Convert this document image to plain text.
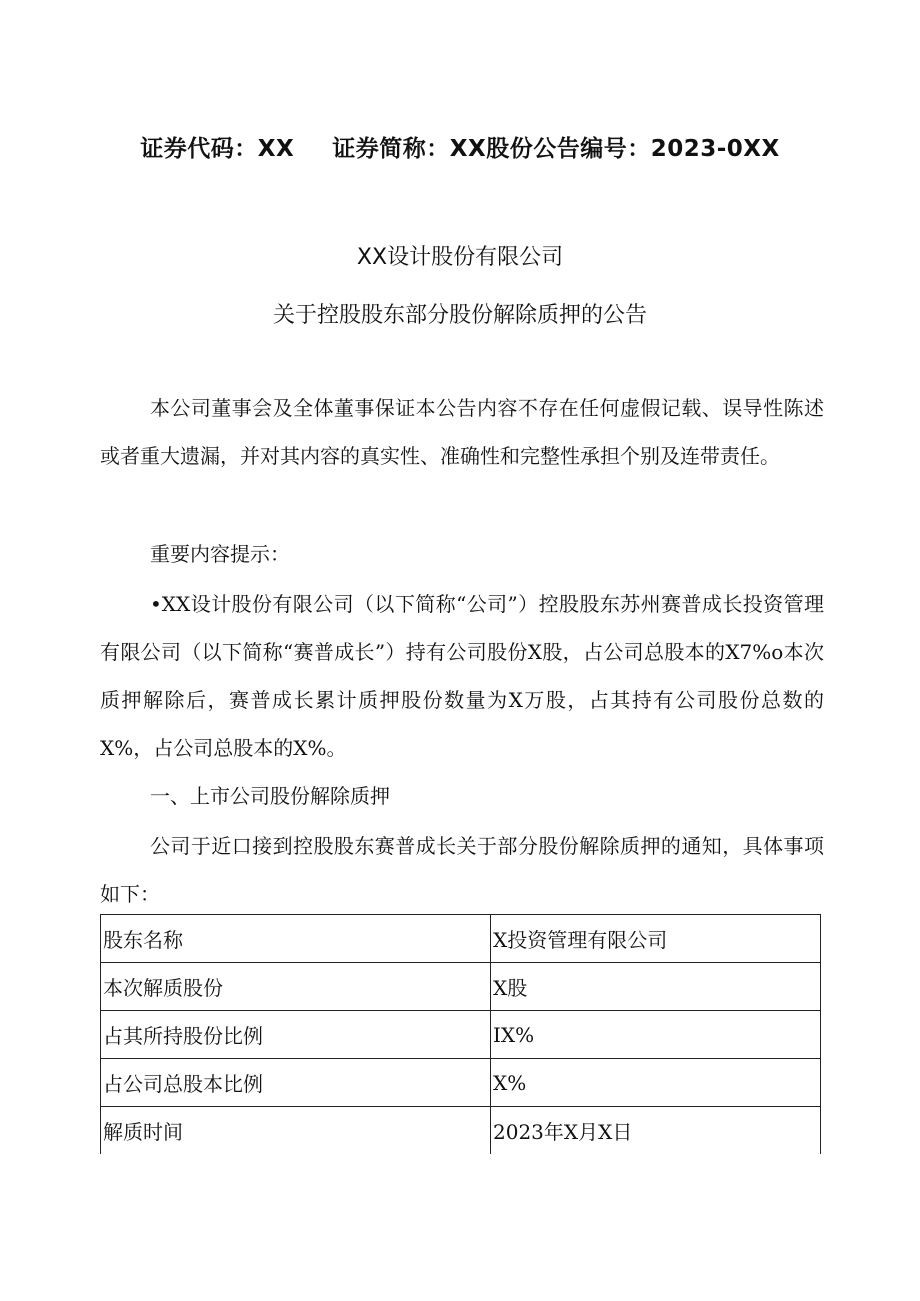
证券代码：XX 证券简称：XX股份公告编号：2023-0XX
XX设计股份有限公司
关于控股股东部分股份解除质押的公告

本公司董事会及全体董事保证本公告内容不存在任何虚假记载、误导性陈述或者重大遗漏，并对其内容的真实性、准确性和完整性承担个别及连带责任。

重要内容提示：

•XX设计股份有限公司（以下简称“公司”）控股股东苏州赛普成长投资管理有限公司（以下简称“赛普成长”）持有公司股份X股，占公司总股本的X7%o本次质押解除后，赛普成长累计质押股份数量为X万股，占其持有公司股份总数的X%，占公司总股本的X%。

一、上市公司股份解除质押

公司于近口接到控股股东赛普成长关于部分股份解除质押的通知，具体事项如下：

股东名称	X投资管理有限公司
本次解质股份	X股
占其所持股份比例	IX%
占公司总股本比例	X%
解质时间	2023年X月X日
